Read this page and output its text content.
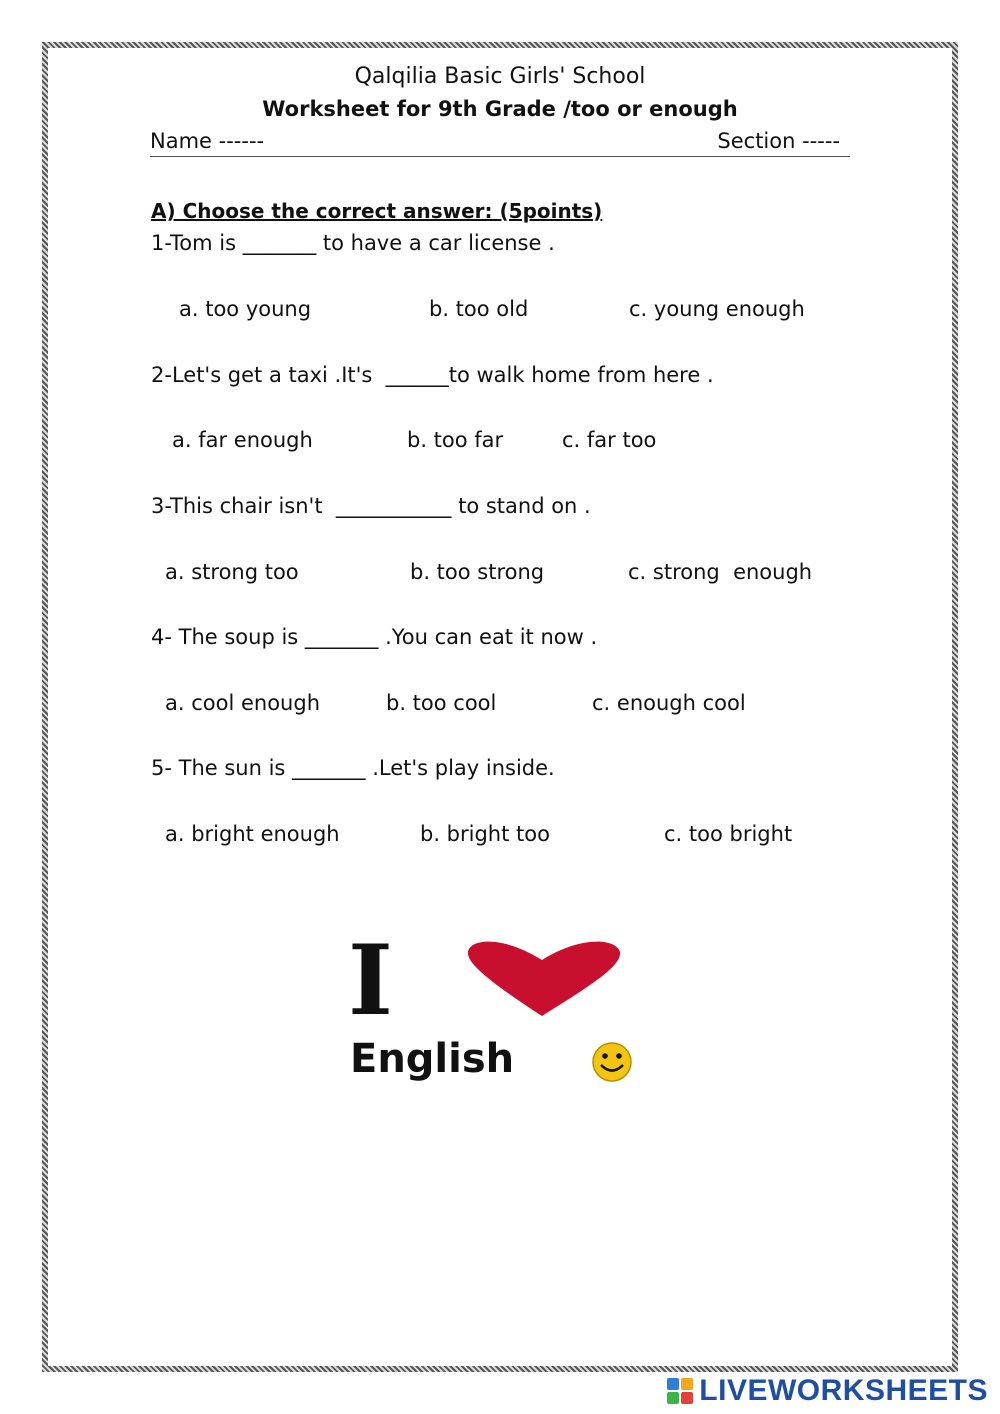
Qalqilia Basic Girls' School
Worksheet for 9th Grade /too or enough
Name ------	Section -----
A) Choose the correct answer: (5points)
1-Tom is _______ to have a car license .
a. too young	b. too old	c. young enough
2-Let's get a taxi .It's  ______to walk home from here .
a. far enough	b. too far	c. far too
3-This chair isn't  ___________ to stand on .
a. strong too	b. too strong	c. strong  enough
4- The soup is _______ .You can eat it now .
a. cool enough	b. too cool	c. enough cool
5- The sun is _______ .Let's play inside.
a. bright enough	b. bright too	c. too bright
I
English
LIVEWORKSHEETS
